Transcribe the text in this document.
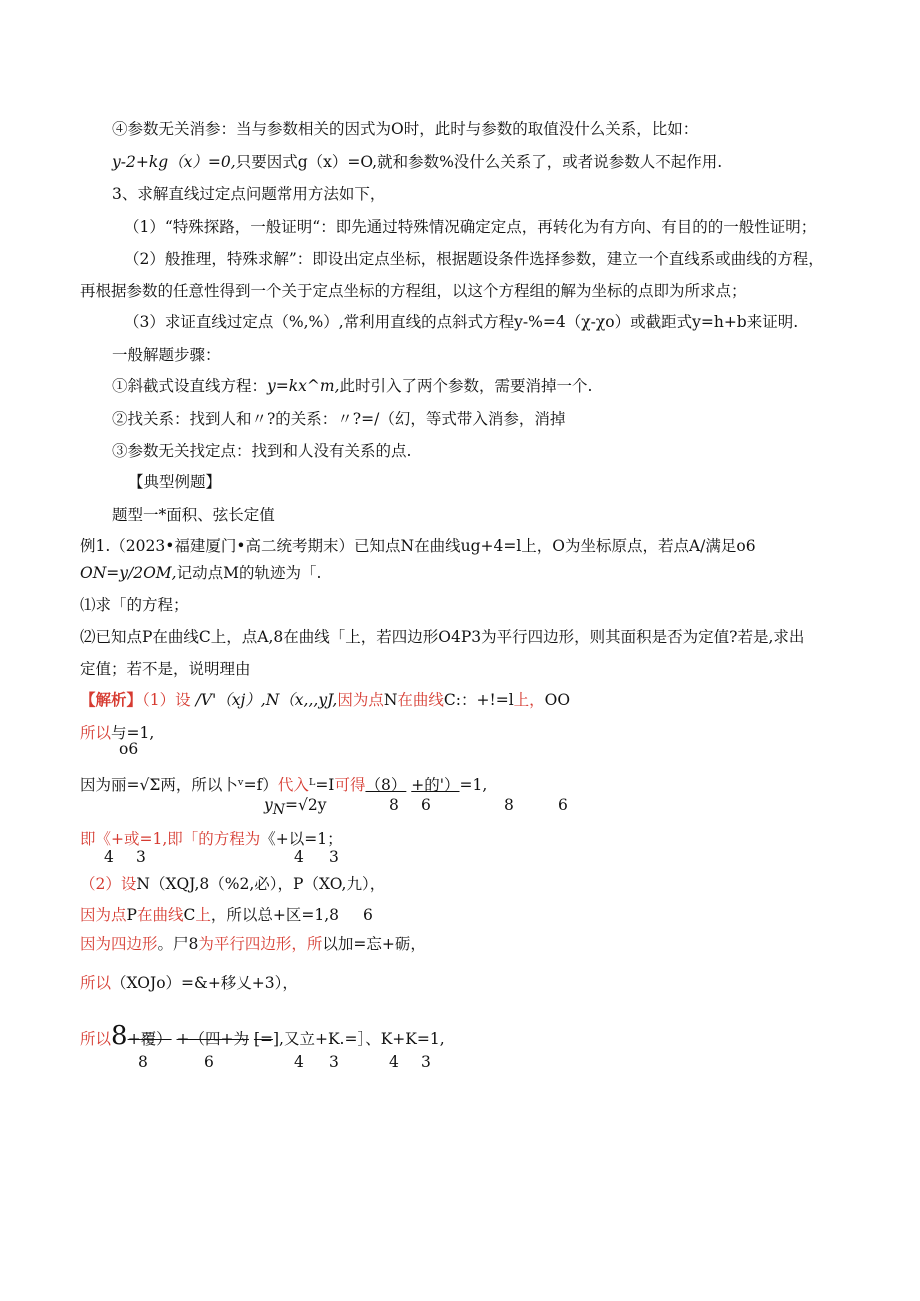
④参数无关消参：当与参数相关的因式为O时，此时与参数的取值没什么关系，比如：
y-2+kg（x）=0,只要因式g（x）=O,就和参数%没什么关系了，或者说参数人不起作用.
3、求解直线过定点问题常用方法如下，
（1）“特殊探路，一般证明“：即先通过特殊情况确定定点，再转化为有方向、有目的的一般性证明；
（2）般推理，特殊求解”：即设出定点坐标，根据题设条件选择参数，建立一个直线系或曲线的方程，
再根据参数的任意性得到一个关于定点坐标的方程组，以这个方程组的解为坐标的点即为所求点；
（3）求证直线过定点（%,%）,常利用直线的点斜式方程y-%=4（χ-χo）或截距式y=h+b来证明.
一般解题步骤：
①斜截式设直线方程：y=kx^m,此时引入了两个参数，需要消掉一个.
②找关系：找到人和〃?的关系：〃?=/（幻，等式带入消参，消掉
③参数无关找定点：找到和人没有关系的点.
【典型例题】
题型一*面积、弦长定值
例1.（2023•福建厦门•高二统考期末）已知点N在曲线ug+4=l上，O为坐标原点，若点A/满足o6
ON=y∕2OM,记动点M的轨迹为「.
⑴求「的方程；
⑵已知点P在曲线C上，点A,8在曲线「上，若四边形O4P3为平行四边形，则其面积是否为定值?若是,求出
定值；若不是，说明理由
【解析】（1）设 /V'（xj）,N（x,,,yJ,因为点N在曲线C:：+!=l上，OO
所以与=1,
o6
因为丽=√Σ两，所以卜ᵛ=f）代入ᴸ=I可得（8） +的'）=1,
$y_N=√2y$	8 6	8	6
即《+或=1,即「的方程为《+以=1；
4 3	4 3
（2）设N（XQJ,8（%2,必），P（XO,九），
因为点P在曲线C上，所以总+区=1,8 6
因为四边形。尸8为平行四边形，所以加=忘+砺，
所以（XOJo）=&+移乂+3），
所以8+覆） +（四+为 [=],又立+K.=］、K+K=1,
8	6	4 3	4 3
